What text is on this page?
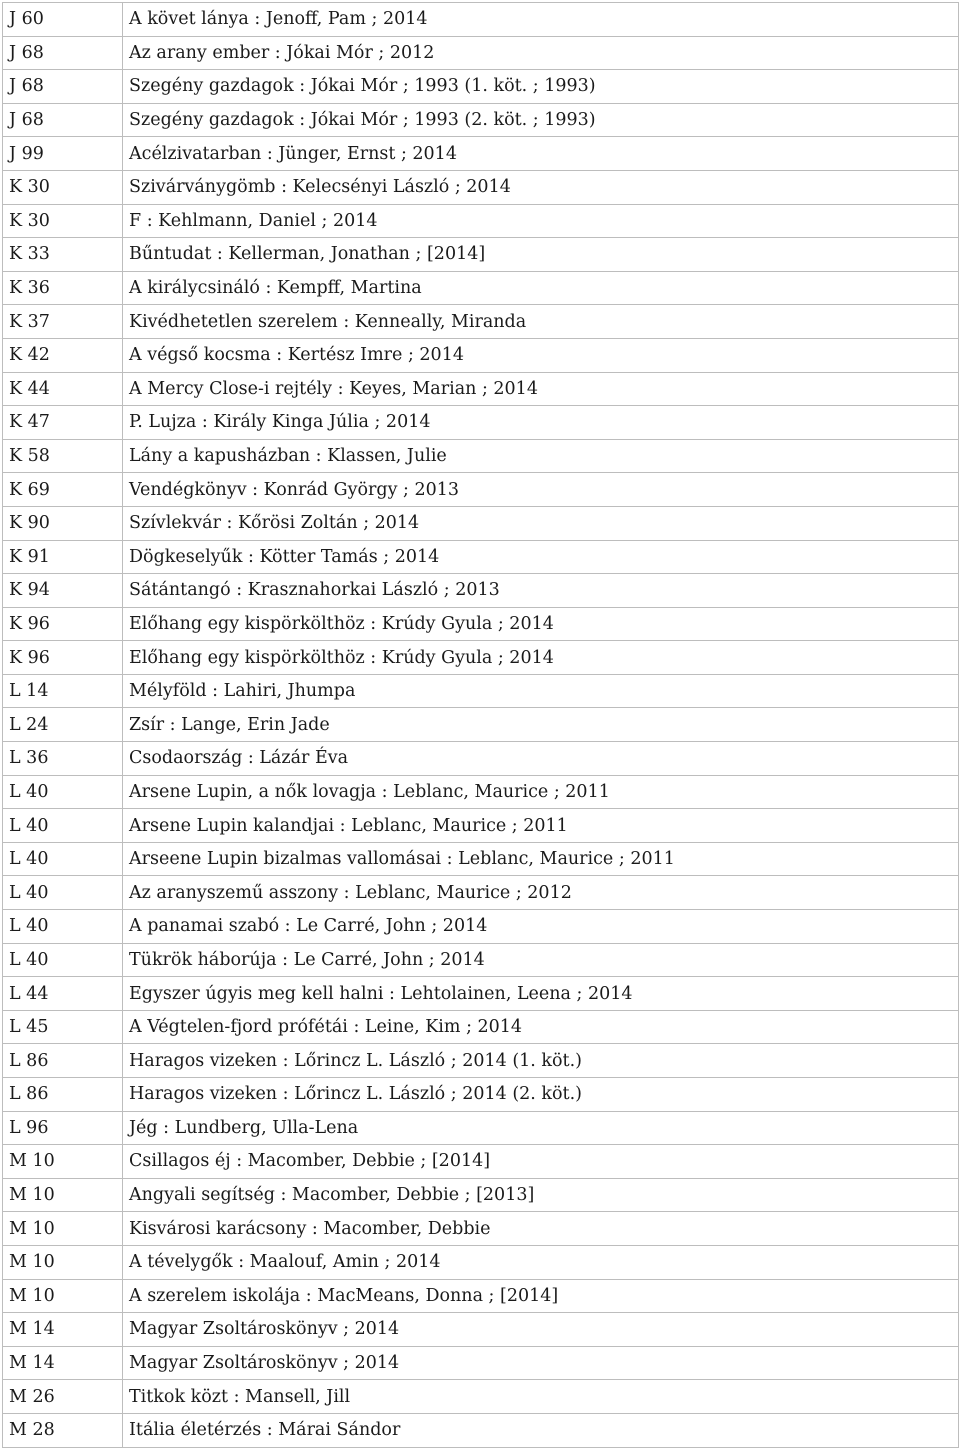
J 60	A követ lánya : Jenoff, Pam ; 2014
J 68	Az arany ember : Jókai Mór ; 2012
J 68	Szegény gazdagok : Jókai Mór ; 1993 (1. köt. ; 1993)
J 68	Szegény gazdagok : Jókai Mór ; 1993 (2. köt. ; 1993)
J 99	Acélzivatarban : Jünger, Ernst ; 2014
K 30	Szivárványgömb : Kelecsényi László ; 2014
K 30	F : Kehlmann, Daniel ; 2014
K 33	Bűntudat : Kellerman, Jonathan ; [2014]
K 36	A királycsináló : Kempff, Martina
K 37	Kivédhetetlen szerelem : Kenneally, Miranda
K 42	A végső kocsma : Kertész Imre ; 2014
K 44	A Mercy Close-i rejtély : Keyes, Marian ; 2014
K 47	P. Lujza : Király Kinga Júlia ; 2014
K 58	Lány a kapusházban : Klassen, Julie
K 69	Vendégkönyv : Konrád György ; 2013
K 90	Szívlekvár : Kőrösi Zoltán ; 2014
K 91	Dögkeselyűk : Kötter Tamás ; 2014
K 94	Sátántangó : Krasznahorkai László ; 2013
K 96	Előhang egy kispörkölthöz : Krúdy Gyula ; 2014
K 96	Előhang egy kispörkölthöz : Krúdy Gyula ; 2014
L 14	Mélyföld : Lahiri, Jhumpa
L 24	Zsír : Lange, Erin Jade
L 36	Csodaország : Lázár Éva
L 40	Arsene Lupin, a nők lovagja : Leblanc, Maurice ; 2011
L 40	Arsene Lupin kalandjai : Leblanc, Maurice ; 2011
L 40	Arseene Lupin bizalmas vallomásai : Leblanc, Maurice ; 2011
L 40	Az aranyszemű asszony : Leblanc, Maurice ; 2012
L 40	A panamai szabó : Le Carré, John ; 2014
L 40	Tükrök háborúja : Le Carré, John ; 2014
L 44	Egyszer úgyis meg kell halni : Lehtolainen, Leena ; 2014
L 45	A Végtelen-fjord prófétái : Leine, Kim ; 2014
L 86	Haragos vizeken : Lőrincz L. László ; 2014 (1. köt.)
L 86	Haragos vizeken : Lőrincz L. László ; 2014 (2. köt.)
L 96	Jég : Lundberg, Ulla-Lena
M 10	Csillagos éj : Macomber, Debbie ; [2014]
M 10	Angyali segítség : Macomber, Debbie ; [2013]
M 10	Kisvárosi karácsony : Macomber, Debbie
M 10	A tévelygők : Maalouf, Amin ; 2014
M 10	A szerelem iskolája : MacMeans, Donna ; [2014]
M 14	Magyar Zsoltároskönyv ; 2014
M 14	Magyar Zsoltároskönyv ; 2014
M 26	Titkok közt : Mansell, Jill
M 28	Itália életérzés : Márai Sándor
